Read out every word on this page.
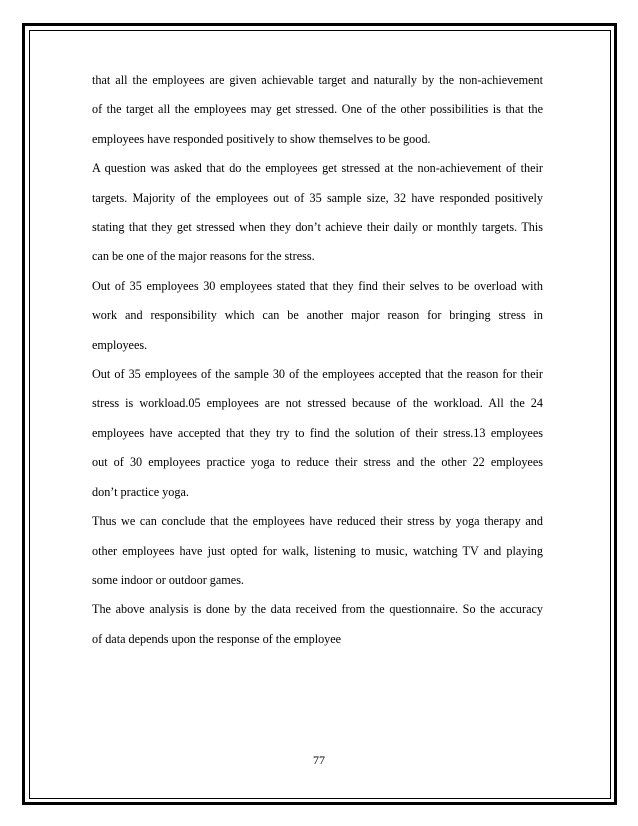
that all the employees are given achievable target and naturally by the non-achievement
of the target all the employees may get stressed. One of the other possibilities is that the
employees have responded positively to show themselves to be good.

A question was asked that do the employees get stressed at the non-achievement of their
targets. Majority of the employees out of 35 sample size, 32 have responded positively
stating that they get stressed when they don’t achieve their daily or monthly targets. This
can be one of the major reasons for the stress.

Out of 35 employees 30 employees stated that they find their selves to be overload with
work and responsibility which can be another major reason for bringing stress in
employees.

Out of 35 employees of the sample 30 of the employees accepted that the reason for their
stress is workload.05 employees are not stressed because of the workload. All the 24
employees have accepted that they try to find the solution of their stress.13 employees
out of 30 employees practice yoga to reduce their stress and the other 22 employees
don’t practice yoga.

Thus we can conclude that the employees have reduced their stress by yoga therapy and
other employees have just opted for walk, listening to music, watching TV and playing
some indoor or outdoor games.

The above analysis is done by the data received from the questionnaire. So the accuracy
of data depends upon the response of the employee

77
